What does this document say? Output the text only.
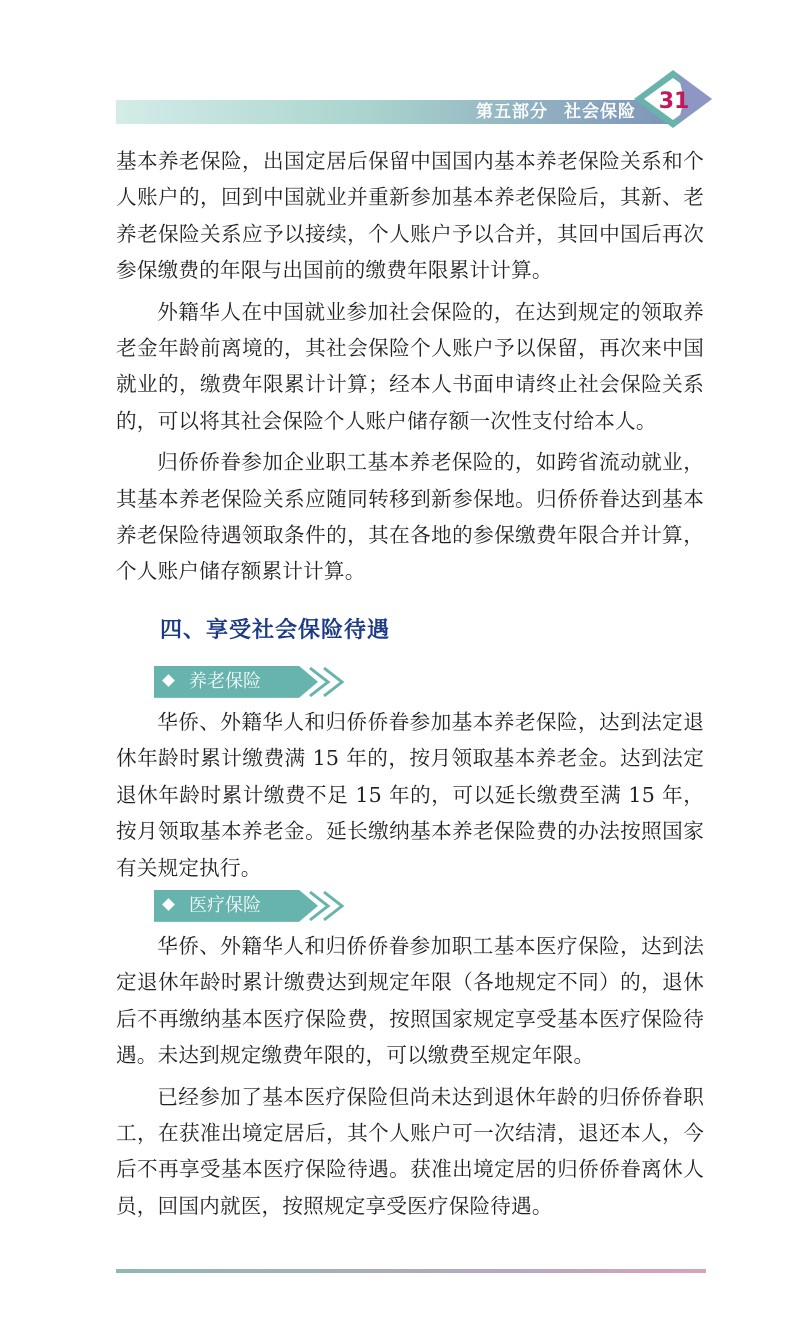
第五部分 社会保险 31

基本养老保险，出国定居后保留中国国内基本养老保险关系和个人账户的，回到中国就业并重新参加基本养老保险后，其新、老养老保险关系应予以接续，个人账户予以合并，其回中国后再次参保缴费的年限与出国前的缴费年限累计计算。

外籍华人在中国就业参加社会保险的，在达到规定的领取养老金年龄前离境的，其社会保险个人账户予以保留，再次来中国就业的，缴费年限累计计算；经本人书面申请终止社会保险关系的，可以将其社会保险个人账户储存额一次性支付给本人。

归侨侨眷参加企业职工基本养老保险的，如跨省流动就业，其基本养老保险关系应随同转移到新参保地。归侨侨眷达到基本养老保险待遇领取条件的，其在各地的参保缴费年限合并计算，个人账户储存额累计计算。

四、享受社会保险待遇
养老保险

华侨、外籍华人和归侨侨眷参加基本养老保险，达到法定退休年龄时累计缴费满 15 年的，按月领取基本养老金。达到法定退休年龄时累计缴费不足 15 年的，可以延长缴费至满 15 年，按月领取基本养老金。延长缴纳基本养老保险费的办法按照国家有关规定执行。

医疗保险

华侨、外籍华人和归侨侨眷参加职工基本医疗保险，达到法定退休年龄时累计缴费达到规定年限（各地规定不同）的，退休后不再缴纳基本医疗保险费，按照国家规定享受基本医疗保险待遇。未达到规定缴费年限的，可以缴费至规定年限。

已经参加了基本医疗保险但尚未达到退休年龄的归侨侨眷职工，在获准出境定居后，其个人账户可一次结清，退还本人，今后不再享受基本医疗保险待遇。获准出境定居的归侨侨眷离休人员，回国内就医，按照规定享受医疗保险待遇。
